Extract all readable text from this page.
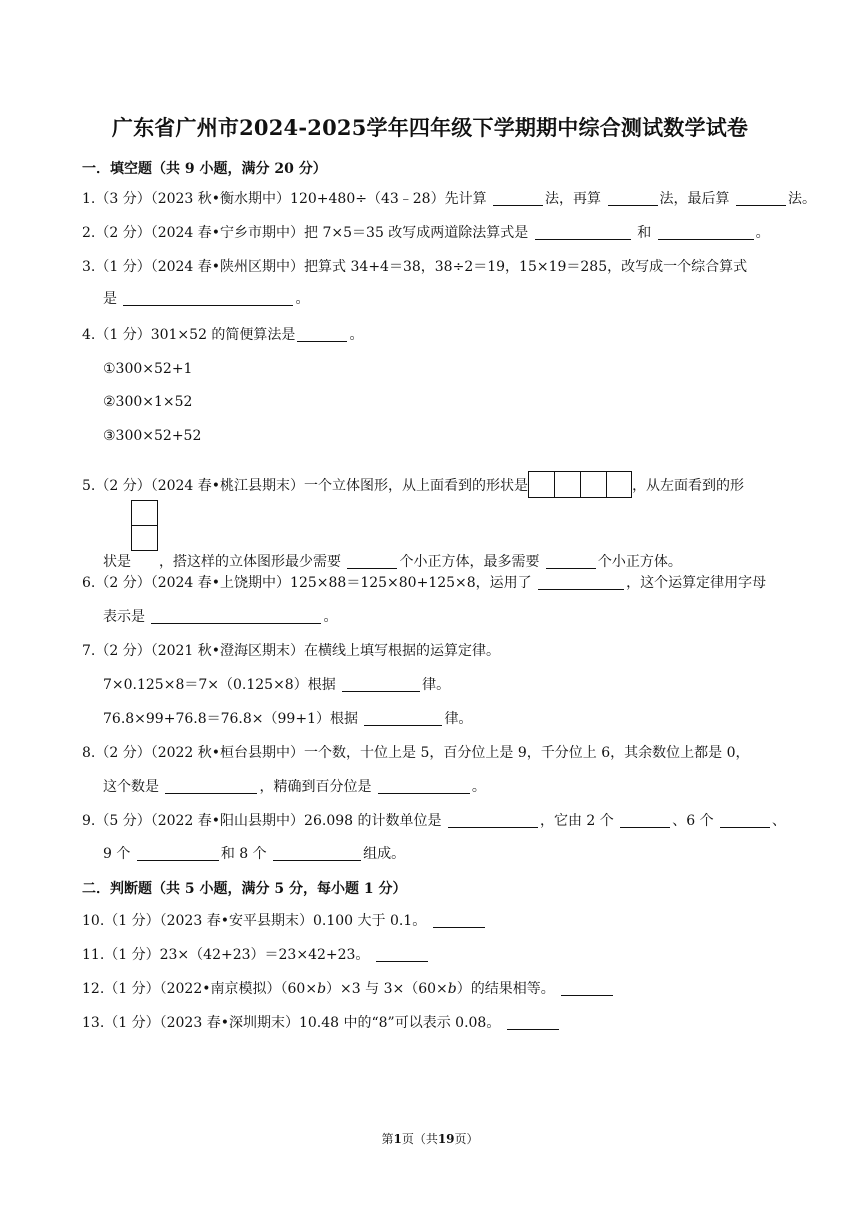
广东省广州市2024-2025学年四年级下学期期中综合测试数学试卷
一．填空题（共 9 小题，满分 20 分）
1.（3 分）（2023 秋•衡水期中）120+480÷（43﹣28）先计算	法，再算	法，最后算	法。
2.（2 分）（2024 春•宁乡市期中）把 7×5＝35 改写成两道除法算式是	和	。
3.（1 分）（2024 春•陕州区期中）把算式 34+4＝38，38÷2＝19，15×19＝285，改写成一个综合算式
是	。
4.（1 分）301×52 的简便算法是	。
①300×52+1
②300×1×52
③300×52+52
5.（2 分）（2024 春•桃江县期末）一个立体图形，从上面看到的形状是	，从左面看到的形
状是 ，搭这样的立体图形最少需要	个小正方体，最多需要	个小正方体。
6.（2 分）（2024 春•上饶期中）125×88＝125×80+125×8，运用了	，这个运算定律用字母
表示是	。
7.（2 分）（2021 秋•澄海区期末）在横线上填写根据的运算定律。
7×0.125×8＝7×（0.125×8）根据	律。
76.8×99+76.8＝76.8×（99+1）根据	律。
8.（2 分）（2022 秋•桓台县期中）一个数，十位上是 5，百分位上是 9，千分位上 6，其余数位上都是 0，
这个数是	，精确到百分位是	。
9.（5 分）（2022 春•阳山县期中）26.098 的计数单位是	，它由 2 个	、6 个	、
9 个	和 8 个	组成。
二．判断题（共 5 小题，满分 5 分，每小题 1 分）
10.（1 分）（2023 春•安平县期末）0.100 大于 0.1。
11.（1 分）23×（42+23）＝23×42+23。
12.（1 分）（2022•南京模拟）（60×b）×3 与 3×（60×b）的结果相等。
13.（1 分）（2023 春•深圳期末）10.48 中的“8”可以表示 0.08。
第1页（共19页）
